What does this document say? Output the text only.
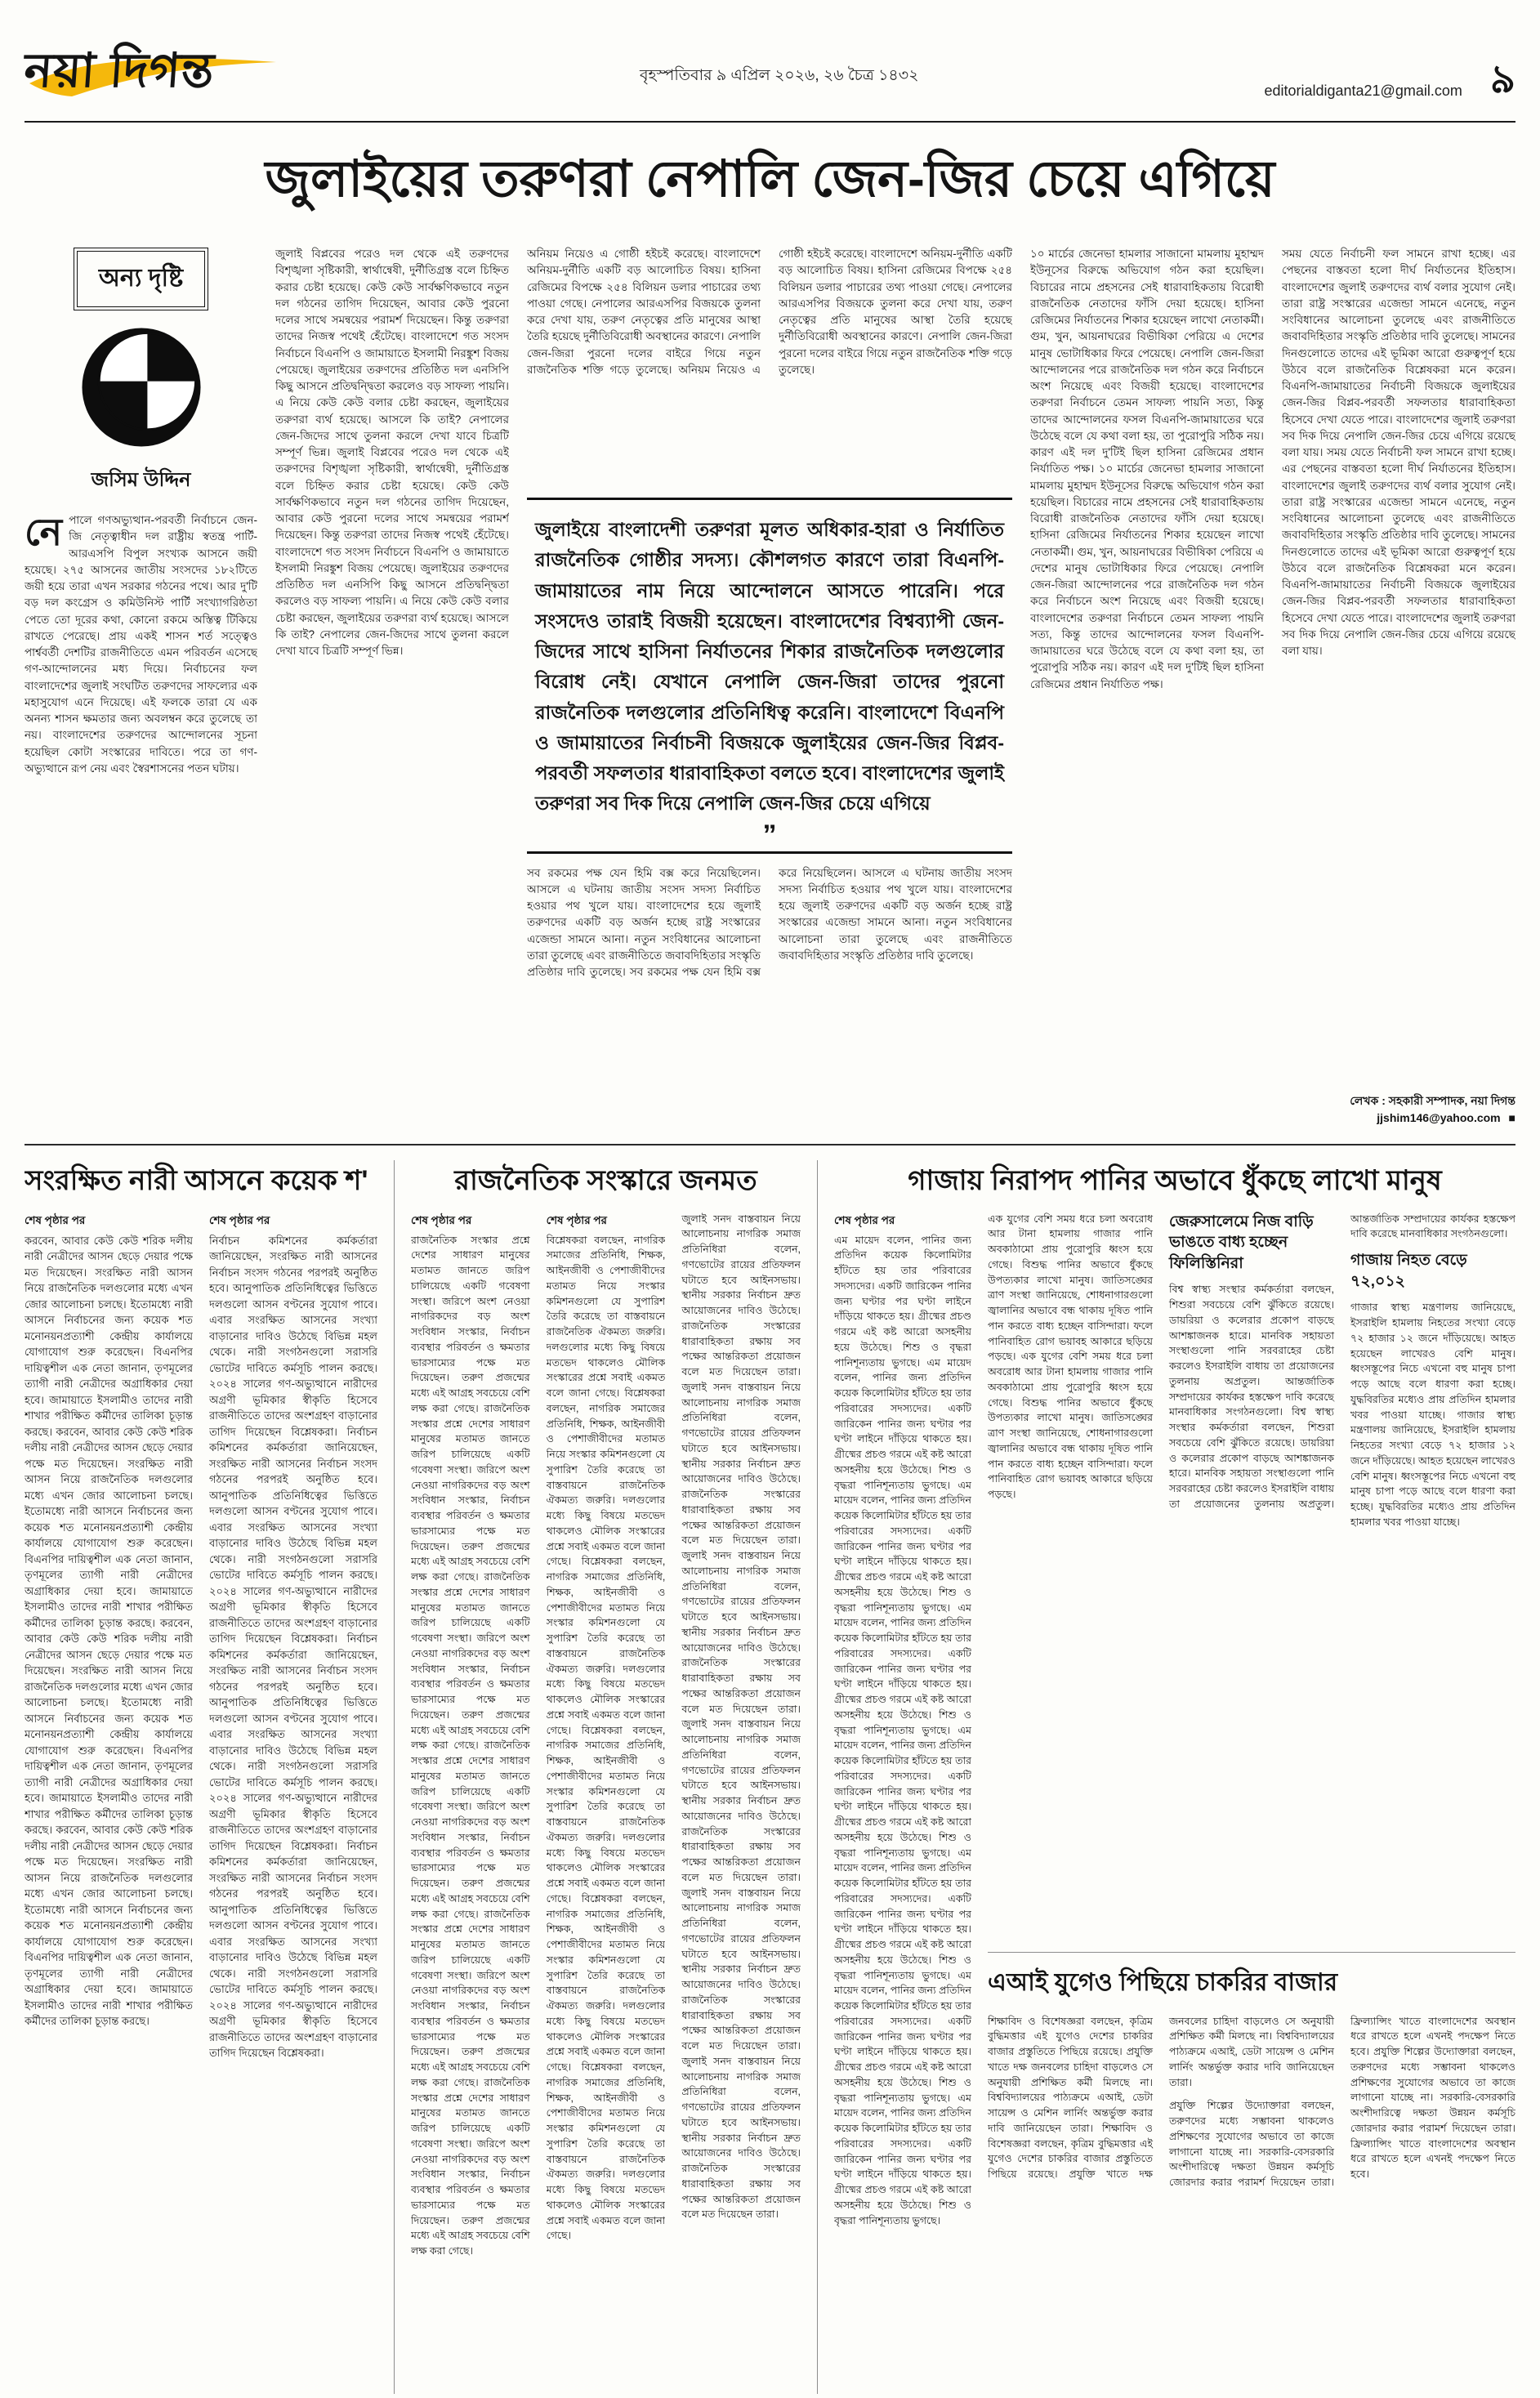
নয়া দিগন্ত	বৃহস্পতিবার ৯ এপ্রিল ২০২৬, ২৬ চৈত্র ১৪৩২
editorialdiganta21@gmail.com ৯
জুলাইয়ের তরুণরা নেপালি জেন-জির চেয়ে এগিয়ে
অন্য দৃষ্টি
জসিম উদ্দিন
নেপালে গণঅভ্যুত্থান-পরবর্তী নির্বাচনে জেন-জি নেতৃত্বাধীন দল রাষ্ট্রীয় স্বতন্ত্র পার্টি-আরএসপি বিপুল সংখ্যক আসনে জয়ী হয়েছে। ২৭৫ আসনের জাতীয় সংসদের ১৮২টিতে জয়ী হয়ে তারা এখন সরকার গঠনের পথে। আর দু'টি বড় দল কংগ্রেস ও কমিউনিস্ট পার্টি সংখ্যাগরিষ্ঠতা পেতে তো দূরের কথা, কোনো রকমে অস্তিত্ব টিকিয়ে রাখতে পেরেছে। প্রায় একই শাসন শর্ত সত্ত্বেও পার্শ্ববর্তী দেশটির রাজনীতিতে এমন পরিবর্তন এসেছে গণ-আন্দোলনের মধ্য দিয়ে। নির্বাচনের ফল বাংলাদেশের জুলাই সংঘটিত তরুণদের সাফল্যের এক মহাসুযোগ এনে দিয়েছে। এই ফলকে তারা যে এক অনন্য শাসন ক্ষমতার জন্য অবলম্বন করে তুলেছে তা নয়। বাংলাদেশের তরুণদের আন্দোলনের সূচনা হয়েছিল কোটা সংস্কারের দাবিতে। পরে তা গণ-অভ্যুত্থানে রূপ নেয় এবং স্বৈরশাসনের পতন ঘটায়।
জুলাই বিপ্লবের পরেও দল থেকে এই তরুণদের বিশৃঙ্খলা সৃষ্টিকারী, স্বার্থান্বেষী, দুর্নীতিগ্রস্ত বলে চিহ্নিত করার চেষ্টা হয়েছে। কেউ কেউ সার্বক্ষণিকভাবে নতুন দল গঠনের তাগিদ দিয়েছেন, আবার কেউ পুরনো দলের সাথে সমন্বয়ের পরামর্শ দিয়েছেন। কিন্তু তরুণরা তাদের নিজস্ব পথেই হেঁটেছে। বাংলাদেশে গত সংসদ নির্বাচনে বিএনপি ও জামায়াতে ইসলামী নিরঙ্কুশ বিজয় পেয়েছে। জুলাইয়ের তরুণদের প্রতিষ্ঠিত দল এনসিপি কিছু আসনে প্রতিদ্বন্দ্বিতা করলেও বড় সাফল্য পায়নি। এ নিয়ে কেউ কেউ বলার চেষ্টা করছেন, জুলাইয়ের তরুণরা ব্যর্থ হয়েছে। আসলে কি তাই? নেপালের জেন-জিদের সাথে তুলনা করলে দেখা যাবে চিত্রটি সম্পূর্ণ ভিন্ন। জুলাই বিপ্লবের পরেও দল থেকে এই তরুণদের বিশৃঙ্খলা সৃষ্টিকারী, স্বার্থান্বেষী, দুর্নীতিগ্রস্ত বলে চিহ্নিত করার চেষ্টা হয়েছে। কেউ কেউ সার্বক্ষণিকভাবে নতুন দল গঠনের তাগিদ দিয়েছেন, আবার কেউ পুরনো দলের সাথে সমন্বয়ের পরামর্শ দিয়েছেন। কিন্তু তরুণরা তাদের নিজস্ব পথেই হেঁটেছে। বাংলাদেশে গত সংসদ নির্বাচনে বিএনপি ও জামায়াতে ইসলামী নিরঙ্কুশ বিজয় পেয়েছে। জুলাইয়ের তরুণদের প্রতিষ্ঠিত দল এনসিপি কিছু আসনে প্রতিদ্বন্দ্বিতা করলেও বড় সাফল্য পায়নি। এ নিয়ে কেউ কেউ বলার চেষ্টা করছেন, জুলাইয়ের তরুণরা ব্যর্থ হয়েছে। আসলে কি তাই? নেপালের জেন-জিদের সাথে তুলনা করলে দেখা যাবে চিত্রটি সম্পূর্ণ ভিন্ন।
অনিয়ম নিয়েও এ গোষ্ঠী হইচই করেছে। বাংলাদেশে অনিয়ম-দুর্নীতি একটি বড় আলোচিত বিষয়। হাসিনা রেজিমের বিপক্ষে ২৫৪ বিলিয়ন ডলার পাচারের তথ্য পাওয়া গেছে। নেপালের আরএসপির বিজয়কে তুলনা করে দেখা যায়, তরুণ নেতৃত্বের প্রতি মানুষের আস্থা তৈরি হয়েছে দুর্নীতিবিরোধী অবস্থানের কারণে। নেপালি জেন-জিরা পুরনো দলের বাইরে গিয়ে নতুন রাজনৈতিক শক্তি গড়ে তুলেছে। অনিয়ম নিয়েও এ গোষ্ঠী হইচই করেছে। বাংলাদেশে অনিয়ম-দুর্নীতি একটি বড় আলোচিত বিষয়। হাসিনা রেজিমের বিপক্ষে ২৫৪ বিলিয়ন ডলার পাচারের তথ্য পাওয়া গেছে। নেপালের আরএসপির বিজয়কে তুলনা করে দেখা যায়, তরুণ নেতৃত্বের প্রতি মানুষের আস্থা তৈরি হয়েছে দুর্নীতিবিরোধী অবস্থানের কারণে। নেপালি জেন-জিরা পুরনো দলের বাইরে গিয়ে নতুন রাজনৈতিক শক্তি গড়ে তুলেছে।
জুলাইয়ে বাংলাদেশী তরুণরা মূলত অধিকার-হারা ও নির্যাতিত রাজনৈতিক গোষ্ঠীর সদস্য। কৌশলগত কারণে তারা বিএনপি-জামায়াতের নাম নিয়ে আন্দোলনে আসতে পারেনি। পরে সংসদেও তারাই বিজয়ী হয়েছেন। বাংলাদেশের বিশ্বব্যাপী জেন-জিদের সাথে হাসিনা নির্যাতনের শিকার রাজনৈতিক দলগুলোর বিরোধ নেই। যেখানে নেপালি জেন-জিরা তাদের পুরনো রাজনৈতিক দলগুলোর প্রতিনিধিত্ব করেনি। বাংলাদেশে বিএনপি ও জামায়াতের নির্বাচনী বিজয়কে জুলাইয়ের জেন-জির বিপ্লব-পরবর্তী সফলতার ধারাবাহিকতা বলতে হবে। বাংলাদেশের জুলাই তরুণরা সব দিক দিয়ে নেপালি জেন-জির চেয়ে এগিয়ে
”
সব রকমের পক্ষ যেন হিমি বক্স করে নিয়েছিলেন। আসলে এ ঘটনায় জাতীয় সংসদ সদস্য নির্বাচিত হওয়ার পথ খুলে যায়। বাংলাদেশের হয়ে জুলাই তরুণদের একটি বড় অর্জন হচ্ছে রাষ্ট্র সংস্কারের এজেন্ডা সামনে আনা। নতুন সংবিধানের আলোচনা তারা তুলেছে এবং রাজনীতিতে জবাবদিহিতার সংস্কৃতি প্রতিষ্ঠার দাবি তুলেছে। সব রকমের পক্ষ যেন হিমি বক্স করে নিয়েছিলেন। আসলে এ ঘটনায় জাতীয় সংসদ সদস্য নির্বাচিত হওয়ার পথ খুলে যায়। বাংলাদেশের হয়ে জুলাই তরুণদের একটি বড় অর্জন হচ্ছে রাষ্ট্র সংস্কারের এজেন্ডা সামনে আনা। নতুন সংবিধানের আলোচনা তারা তুলেছে এবং রাজনীতিতে জবাবদিহিতার সংস্কৃতি প্রতিষ্ঠার দাবি তুলেছে।
১০ মার্চের জেনেভা হামলার সাজানো মামলায় মুহাম্মদ ইউনূসের বিরুদ্ধে অভিযোগ গঠন করা হয়েছিল। বিচারের নামে প্রহসনের সেই ধারাবাহিকতায় বিরোধী রাজনৈতিক নেতাদের ফাঁসি দেয়া হয়েছে। হাসিনা রেজিমের নির্যাতনের শিকার হয়েছেন লাখো নেতাকর্মী। গুম, খুন, আয়নাঘরের বিভীষিকা পেরিয়ে এ দেশের মানুষ ভোটাধিকার ফিরে পেয়েছে। নেপালি জেন-জিরা আন্দোলনের পরে রাজনৈতিক দল গঠন করে নির্বাচনে অংশ নিয়েছে এবং বিজয়ী হয়েছে। বাংলাদেশের তরুণরা নির্বাচনে তেমন সাফল্য পায়নি সত্য, কিন্তু তাদের আন্দোলনের ফসল বিএনপি-জামায়াতের ঘরে উঠেছে বলে যে কথা বলা হয়, তা পুরোপুরি সঠিক নয়। কারণ এই দল দু'টিই ছিল হাসিনা রেজিমের প্রধান নির্যাতিত পক্ষ। ১০ মার্চের জেনেভা হামলার সাজানো মামলায় মুহাম্মদ ইউনূসের বিরুদ্ধে অভিযোগ গঠন করা হয়েছিল। বিচারের নামে প্রহসনের সেই ধারাবাহিকতায় বিরোধী রাজনৈতিক নেতাদের ফাঁসি দেয়া হয়েছে। হাসিনা রেজিমের নির্যাতনের শিকার হয়েছেন লাখো নেতাকর্মী। গুম, খুন, আয়নাঘরের বিভীষিকা পেরিয়ে এ দেশের মানুষ ভোটাধিকার ফিরে পেয়েছে। নেপালি জেন-জিরা আন্দোলনের পরে রাজনৈতিক দল গঠন করে নির্বাচনে অংশ নিয়েছে এবং বিজয়ী হয়েছে। বাংলাদেশের তরুণরা নির্বাচনে তেমন সাফল্য পায়নি সত্য, কিন্তু তাদের আন্দোলনের ফসল বিএনপি-জামায়াতের ঘরে উঠেছে বলে যে কথা বলা হয়, তা পুরোপুরি সঠিক নয়। কারণ এই দল দু'টিই ছিল হাসিনা রেজিমের প্রধান নির্যাতিত পক্ষ।
সময় যেতে নির্বাচনী ফল সামনে রাখা হচ্ছে। এর পেছনের বাস্তবতা হলো দীর্ঘ নির্যাতনের ইতিহাস। বাংলাদেশের জুলাই তরুণদের ব্যর্থ বলার সুযোগ নেই। তারা রাষ্ট্র সংস্কারের এজেন্ডা সামনে এনেছে, নতুন সংবিধানের আলোচনা তুলেছে এবং রাজনীতিতে জবাবদিহিতার সংস্কৃতি প্রতিষ্ঠার দাবি তুলেছে। সামনের দিনগুলোতে তাদের এই ভূমিকা আরো গুরুত্বপূর্ণ হয়ে উঠবে বলে রাজনৈতিক বিশ্লেষকরা মনে করেন। বিএনপি-জামায়াতের নির্বাচনী বিজয়কে জুলাইয়ের জেন-জির বিপ্লব-পরবর্তী সফলতার ধারাবাহিকতা হিসেবে দেখা যেতে পারে। বাংলাদেশের জুলাই তরুণরা সব দিক দিয়ে নেপালি জেন-জির চেয়ে এগিয়ে রয়েছে বলা যায়। সময় যেতে নির্বাচনী ফল সামনে রাখা হচ্ছে। এর পেছনের বাস্তবতা হলো দীর্ঘ নির্যাতনের ইতিহাস। বাংলাদেশের জুলাই তরুণদের ব্যর্থ বলার সুযোগ নেই। তারা রাষ্ট্র সংস্কারের এজেন্ডা সামনে এনেছে, নতুন সংবিধানের আলোচনা তুলেছে এবং রাজনীতিতে জবাবদিহিতার সংস্কৃতি প্রতিষ্ঠার দাবি তুলেছে। সামনের দিনগুলোতে তাদের এই ভূমিকা আরো গুরুত্বপূর্ণ হয়ে উঠবে বলে রাজনৈতিক বিশ্লেষকরা মনে করেন। বিএনপি-জামায়াতের নির্বাচনী বিজয়কে জুলাইয়ের জেন-জির বিপ্লব-পরবর্তী সফলতার ধারাবাহিকতা হিসেবে দেখা যেতে পারে। বাংলাদেশের জুলাই তরুণরা সব দিক দিয়ে নেপালি জেন-জির চেয়ে এগিয়ে রয়েছে বলা যায়।
লেখক : সহকারী সম্পাদক, নয়া দিগন্ত jjshim146@yahoo.com ■
সংরক্ষিত নারী আসনে কয়েক শ'
শেষ পৃষ্ঠার পর
করবেন, আবার কেউ কেউ শরিক দলীয় নারী নেত্রীদের আসন ছেড়ে দেয়ার পক্ষে মত দিয়েছেন। সংরক্ষিত নারী আসন নিয়ে রাজনৈতিক দলগুলোর মধ্যে এখন জোর আলোচনা চলছে। ইতোমধ্যে নারী আসনে নির্বাচনের জন্য কয়েক শত মনোনয়নপ্রত্যাশী কেন্দ্রীয় কার্যালয়ে যোগাযোগ শুরু করেছেন। বিএনপির দায়িত্বশীল এক নেতা জানান, তৃণমূলের ত্যাগী নারী নেত্রীদের অগ্রাধিকার দেয়া হবে। জামায়াতে ইসলামীও তাদের নারী শাখার পরীক্ষিত কর্মীদের তালিকা চূড়ান্ত করছে। করবেন, আবার কেউ কেউ শরিক দলীয় নারী নেত্রীদের আসন ছেড়ে দেয়ার পক্ষে মত দিয়েছেন। সংরক্ষিত নারী আসন নিয়ে রাজনৈতিক দলগুলোর মধ্যে এখন জোর আলোচনা চলছে। ইতোমধ্যে নারী আসনে নির্বাচনের জন্য কয়েক শত মনোনয়নপ্রত্যাশী কেন্দ্রীয় কার্যালয়ে যোগাযোগ শুরু করেছেন। বিএনপির দায়িত্বশীল এক নেতা জানান, তৃণমূলের ত্যাগী নারী নেত্রীদের অগ্রাধিকার দেয়া হবে। জামায়াতে ইসলামীও তাদের নারী শাখার পরীক্ষিত কর্মীদের তালিকা চূড়ান্ত করছে। করবেন, আবার কেউ কেউ শরিক দলীয় নারী নেত্রীদের আসন ছেড়ে দেয়ার পক্ষে মত দিয়েছেন। সংরক্ষিত নারী আসন নিয়ে রাজনৈতিক দলগুলোর মধ্যে এখন জোর আলোচনা চলছে। ইতোমধ্যে নারী আসনে নির্বাচনের জন্য কয়েক শত মনোনয়নপ্রত্যাশী কেন্দ্রীয় কার্যালয়ে যোগাযোগ শুরু করেছেন। বিএনপির দায়িত্বশীল এক নেতা জানান, তৃণমূলের ত্যাগী নারী নেত্রীদের অগ্রাধিকার দেয়া হবে। জামায়াতে ইসলামীও তাদের নারী শাখার পরীক্ষিত কর্মীদের তালিকা চূড়ান্ত করছে। করবেন, আবার কেউ কেউ শরিক দলীয় নারী নেত্রীদের আসন ছেড়ে দেয়ার পক্ষে মত দিয়েছেন। সংরক্ষিত নারী আসন নিয়ে রাজনৈতিক দলগুলোর মধ্যে এখন জোর আলোচনা চলছে। ইতোমধ্যে নারী আসনে নির্বাচনের জন্য কয়েক শত মনোনয়নপ্রত্যাশী কেন্দ্রীয় কার্যালয়ে যোগাযোগ শুরু করেছেন। বিএনপির দায়িত্বশীল এক নেতা জানান, তৃণমূলের ত্যাগী নারী নেত্রীদের অগ্রাধিকার দেয়া হবে। জামায়াতে ইসলামীও তাদের নারী শাখার পরীক্ষিত কর্মীদের তালিকা চূড়ান্ত করছে।
শেষ পৃষ্ঠার পর
নির্বাচন কমিশনের কর্মকর্তারা জানিয়েছেন, সংরক্ষিত নারী আসনের নির্বাচন সংসদ গঠনের পরপরই অনুষ্ঠিত হবে। আনুপাতিক প্রতিনিধিত্বের ভিত্তিতে দলগুলো আসন বণ্টনের সুযোগ পাবে। এবার সংরক্ষিত আসনের সংখ্যা বাড়ানোর দাবিও উঠেছে বিভিন্ন মহল থেকে। নারী সংগঠনগুলো সরাসরি ভোটের দাবিতে কর্মসূচি পালন করছে। ২০২৪ সালের গণ-অভ্যুত্থানে নারীদের অগ্রণী ভূমিকার স্বীকৃতি হিসেবে রাজনীতিতে তাদের অংশগ্রহণ বাড়ানোর তাগিদ দিয়েছেন বিশ্লেষকরা। নির্বাচন কমিশনের কর্মকর্তারা জানিয়েছেন, সংরক্ষিত নারী আসনের নির্বাচন সংসদ গঠনের পরপরই অনুষ্ঠিত হবে। আনুপাতিক প্রতিনিধিত্বের ভিত্তিতে দলগুলো আসন বণ্টনের সুযোগ পাবে। এবার সংরক্ষিত আসনের সংখ্যা বাড়ানোর দাবিও উঠেছে বিভিন্ন মহল থেকে। নারী সংগঠনগুলো সরাসরি ভোটের দাবিতে কর্মসূচি পালন করছে। ২০২৪ সালের গণ-অভ্যুত্থানে নারীদের অগ্রণী ভূমিকার স্বীকৃতি হিসেবে রাজনীতিতে তাদের অংশগ্রহণ বাড়ানোর তাগিদ দিয়েছেন বিশ্লেষকরা। নির্বাচন কমিশনের কর্মকর্তারা জানিয়েছেন, সংরক্ষিত নারী আসনের নির্বাচন সংসদ গঠনের পরপরই অনুষ্ঠিত হবে। আনুপাতিক প্রতিনিধিত্বের ভিত্তিতে দলগুলো আসন বণ্টনের সুযোগ পাবে। এবার সংরক্ষিত আসনের সংখ্যা বাড়ানোর দাবিও উঠেছে বিভিন্ন মহল থেকে। নারী সংগঠনগুলো সরাসরি ভোটের দাবিতে কর্মসূচি পালন করছে। ২০২৪ সালের গণ-অভ্যুত্থানে নারীদের অগ্রণী ভূমিকার স্বীকৃতি হিসেবে রাজনীতিতে তাদের অংশগ্রহণ বাড়ানোর তাগিদ দিয়েছেন বিশ্লেষকরা। নির্বাচন কমিশনের কর্মকর্তারা জানিয়েছেন, সংরক্ষিত নারী আসনের নির্বাচন সংসদ গঠনের পরপরই অনুষ্ঠিত হবে। আনুপাতিক প্রতিনিধিত্বের ভিত্তিতে দলগুলো আসন বণ্টনের সুযোগ পাবে। এবার সংরক্ষিত আসনের সংখ্যা বাড়ানোর দাবিও উঠেছে বিভিন্ন মহল থেকে। নারী সংগঠনগুলো সরাসরি ভোটের দাবিতে কর্মসূচি পালন করছে। ২০২৪ সালের গণ-অভ্যুত্থানে নারীদের অগ্রণী ভূমিকার স্বীকৃতি হিসেবে রাজনীতিতে তাদের অংশগ্রহণ বাড়ানোর তাগিদ দিয়েছেন বিশ্লেষকরা।
রাজনৈতিক সংস্কারে জনমত
শেষ পৃষ্ঠার পর
রাজনৈতিক সংস্কার প্রশ্নে দেশের সাধারণ মানুষের মতামত জানতে জরিপ চালিয়েছে একটি গবেষণা সংস্থা। জরিপে অংশ নেওয়া নাগরিকদের বড় অংশ সংবিধান সংস্কার, নির্বাচন ব্যবস্থার পরিবর্তন ও ক্ষমতার ভারসাম্যের পক্ষে মত দিয়েছেন। তরুণ প্রজন্মের মধ্যে এই আগ্রহ সবচেয়ে বেশি লক্ষ করা গেছে। রাজনৈতিক সংস্কার প্রশ্নে দেশের সাধারণ মানুষের মতামত জানতে জরিপ চালিয়েছে একটি গবেষণা সংস্থা। জরিপে অংশ নেওয়া নাগরিকদের বড় অংশ সংবিধান সংস্কার, নির্বাচন ব্যবস্থার পরিবর্তন ও ক্ষমতার ভারসাম্যের পক্ষে মত দিয়েছেন। তরুণ প্রজন্মের মধ্যে এই আগ্রহ সবচেয়ে বেশি লক্ষ করা গেছে। রাজনৈতিক সংস্কার প্রশ্নে দেশের সাধারণ মানুষের মতামত জানতে জরিপ চালিয়েছে একটি গবেষণা সংস্থা। জরিপে অংশ নেওয়া নাগরিকদের বড় অংশ সংবিধান সংস্কার, নির্বাচন ব্যবস্থার পরিবর্তন ও ক্ষমতার ভারসাম্যের পক্ষে মত দিয়েছেন। তরুণ প্রজন্মের মধ্যে এই আগ্রহ সবচেয়ে বেশি লক্ষ করা গেছে। রাজনৈতিক সংস্কার প্রশ্নে দেশের সাধারণ মানুষের মতামত জানতে জরিপ চালিয়েছে একটি গবেষণা সংস্থা। জরিপে অংশ নেওয়া নাগরিকদের বড় অংশ সংবিধান সংস্কার, নির্বাচন ব্যবস্থার পরিবর্তন ও ক্ষমতার ভারসাম্যের পক্ষে মত দিয়েছেন। তরুণ প্রজন্মের মধ্যে এই আগ্রহ সবচেয়ে বেশি লক্ষ করা গেছে। রাজনৈতিক সংস্কার প্রশ্নে দেশের সাধারণ মানুষের মতামত জানতে জরিপ চালিয়েছে একটি গবেষণা সংস্থা। জরিপে অংশ নেওয়া নাগরিকদের বড় অংশ সংবিধান সংস্কার, নির্বাচন ব্যবস্থার পরিবর্তন ও ক্ষমতার ভারসাম্যের পক্ষে মত দিয়েছেন। তরুণ প্রজন্মের মধ্যে এই আগ্রহ সবচেয়ে বেশি লক্ষ করা গেছে। রাজনৈতিক সংস্কার প্রশ্নে দেশের সাধারণ মানুষের মতামত জানতে জরিপ চালিয়েছে একটি গবেষণা সংস্থা। জরিপে অংশ নেওয়া নাগরিকদের বড় অংশ সংবিধান সংস্কার, নির্বাচন ব্যবস্থার পরিবর্তন ও ক্ষমতার ভারসাম্যের পক্ষে মত দিয়েছেন। তরুণ প্রজন্মের মধ্যে এই আগ্রহ সবচেয়ে বেশি লক্ষ করা গেছে।
শেষ পৃষ্ঠার পর
বিশ্লেষকরা বলছেন, নাগরিক সমাজের প্রতিনিধি, শিক্ষক, আইনজীবী ও পেশাজীবীদের মতামত নিয়ে সংস্কার কমিশনগুলো যে সুপারিশ তৈরি করেছে তা বাস্তবায়নে রাজনৈতিক ঐকমত্য জরুরি। দলগুলোর মধ্যে কিছু বিষয়ে মতভেদ থাকলেও মৌলিক সংস্কারের প্রশ্নে সবাই একমত বলে জানা গেছে। বিশ্লেষকরা বলছেন, নাগরিক সমাজের প্রতিনিধি, শিক্ষক, আইনজীবী ও পেশাজীবীদের মতামত নিয়ে সংস্কার কমিশনগুলো যে সুপারিশ তৈরি করেছে তা বাস্তবায়নে রাজনৈতিক ঐকমত্য জরুরি। দলগুলোর মধ্যে কিছু বিষয়ে মতভেদ থাকলেও মৌলিক সংস্কারের প্রশ্নে সবাই একমত বলে জানা গেছে। বিশ্লেষকরা বলছেন, নাগরিক সমাজের প্রতিনিধি, শিক্ষক, আইনজীবী ও পেশাজীবীদের মতামত নিয়ে সংস্কার কমিশনগুলো যে সুপারিশ তৈরি করেছে তা বাস্তবায়নে রাজনৈতিক ঐকমত্য জরুরি। দলগুলোর মধ্যে কিছু বিষয়ে মতভেদ থাকলেও মৌলিক সংস্কারের প্রশ্নে সবাই একমত বলে জানা গেছে। বিশ্লেষকরা বলছেন, নাগরিক সমাজের প্রতিনিধি, শিক্ষক, আইনজীবী ও পেশাজীবীদের মতামত নিয়ে সংস্কার কমিশনগুলো যে সুপারিশ তৈরি করেছে তা বাস্তবায়নে রাজনৈতিক ঐকমত্য জরুরি। দলগুলোর মধ্যে কিছু বিষয়ে মতভেদ থাকলেও মৌলিক সংস্কারের প্রশ্নে সবাই একমত বলে জানা গেছে। বিশ্লেষকরা বলছেন, নাগরিক সমাজের প্রতিনিধি, শিক্ষক, আইনজীবী ও পেশাজীবীদের মতামত নিয়ে সংস্কার কমিশনগুলো যে সুপারিশ তৈরি করেছে তা বাস্তবায়নে রাজনৈতিক ঐকমত্য জরুরি। দলগুলোর মধ্যে কিছু বিষয়ে মতভেদ থাকলেও মৌলিক সংস্কারের প্রশ্নে সবাই একমত বলে জানা গেছে। বিশ্লেষকরা বলছেন, নাগরিক সমাজের প্রতিনিধি, শিক্ষক, আইনজীবী ও পেশাজীবীদের মতামত নিয়ে সংস্কার কমিশনগুলো যে সুপারিশ তৈরি করেছে তা বাস্তবায়নে রাজনৈতিক ঐকমত্য জরুরি। দলগুলোর মধ্যে কিছু বিষয়ে মতভেদ থাকলেও মৌলিক সংস্কারের প্রশ্নে সবাই একমত বলে জানা গেছে।
জুলাই সনদ বাস্তবায়ন নিয়ে আলোচনায় নাগরিক সমাজ প্রতিনিধিরা বলেন, গণভোটের রায়ের প্রতিফলন ঘটাতে হবে আইনসভায়। স্থানীয় সরকার নির্বাচন দ্রুত আয়োজনের দাবিও উঠেছে। রাজনৈতিক সংস্কারের ধারাবাহিকতা রক্ষায় সব পক্ষের আন্তরিকতা প্রয়োজন বলে মত দিয়েছেন তারা। জুলাই সনদ বাস্তবায়ন নিয়ে আলোচনায় নাগরিক সমাজ প্রতিনিধিরা বলেন, গণভোটের রায়ের প্রতিফলন ঘটাতে হবে আইনসভায়। স্থানীয় সরকার নির্বাচন দ্রুত আয়োজনের দাবিও উঠেছে। রাজনৈতিক সংস্কারের ধারাবাহিকতা রক্ষায় সব পক্ষের আন্তরিকতা প্রয়োজন বলে মত দিয়েছেন তারা। জুলাই সনদ বাস্তবায়ন নিয়ে আলোচনায় নাগরিক সমাজ প্রতিনিধিরা বলেন, গণভোটের রায়ের প্রতিফলন ঘটাতে হবে আইনসভায়। স্থানীয় সরকার নির্বাচন দ্রুত আয়োজনের দাবিও উঠেছে। রাজনৈতিক সংস্কারের ধারাবাহিকতা রক্ষায় সব পক্ষের আন্তরিকতা প্রয়োজন বলে মত দিয়েছেন তারা। জুলাই সনদ বাস্তবায়ন নিয়ে আলোচনায় নাগরিক সমাজ প্রতিনিধিরা বলেন, গণভোটের রায়ের প্রতিফলন ঘটাতে হবে আইনসভায়। স্থানীয় সরকার নির্বাচন দ্রুত আয়োজনের দাবিও উঠেছে। রাজনৈতিক সংস্কারের ধারাবাহিকতা রক্ষায় সব পক্ষের আন্তরিকতা প্রয়োজন বলে মত দিয়েছেন তারা। জুলাই সনদ বাস্তবায়ন নিয়ে আলোচনায় নাগরিক সমাজ প্রতিনিধিরা বলেন, গণভোটের রায়ের প্রতিফলন ঘটাতে হবে আইনসভায়। স্থানীয় সরকার নির্বাচন দ্রুত আয়োজনের দাবিও উঠেছে। রাজনৈতিক সংস্কারের ধারাবাহিকতা রক্ষায় সব পক্ষের আন্তরিকতা প্রয়োজন বলে মত দিয়েছেন তারা। জুলাই সনদ বাস্তবায়ন নিয়ে আলোচনায় নাগরিক সমাজ প্রতিনিধিরা বলেন, গণভোটের রায়ের প্রতিফলন ঘটাতে হবে আইনসভায়। স্থানীয় সরকার নির্বাচন দ্রুত আয়োজনের দাবিও উঠেছে। রাজনৈতিক সংস্কারের ধারাবাহিকতা রক্ষায় সব পক্ষের আন্তরিকতা প্রয়োজন বলে মত দিয়েছেন তারা।
গাজায় নিরাপদ পানির অভাবে ধুঁকছে লাখো মানুষ
শেষ পৃষ্ঠার পর
এম মায়েদ বলেন, পানির জন্য প্রতিদিন কয়েক কিলোমিটার হাঁটতে হয় তার পরিবারের সদস্যদের। একটি জারিকেন পানির জন্য ঘণ্টার পর ঘণ্টা লাইনে দাঁড়িয়ে থাকতে হয়। গ্রীষ্মের প্রচণ্ড গরমে এই কষ্ট আরো অসহনীয় হয়ে উঠেছে। শিশু ও বৃদ্ধরা পানিশূন্যতায় ভুগছে। এম মায়েদ বলেন, পানির জন্য প্রতিদিন কয়েক কিলোমিটার হাঁটতে হয় তার পরিবারের সদস্যদের। একটি জারিকেন পানির জন্য ঘণ্টার পর ঘণ্টা লাইনে দাঁড়িয়ে থাকতে হয়। গ্রীষ্মের প্রচণ্ড গরমে এই কষ্ট আরো অসহনীয় হয়ে উঠেছে। শিশু ও বৃদ্ধরা পানিশূন্যতায় ভুগছে। এম মায়েদ বলেন, পানির জন্য প্রতিদিন কয়েক কিলোমিটার হাঁটতে হয় তার পরিবারের সদস্যদের। একটি জারিকেন পানির জন্য ঘণ্টার পর ঘণ্টা লাইনে দাঁড়িয়ে থাকতে হয়। গ্রীষ্মের প্রচণ্ড গরমে এই কষ্ট আরো অসহনীয় হয়ে উঠেছে। শিশু ও বৃদ্ধরা পানিশূন্যতায় ভুগছে। এম মায়েদ বলেন, পানির জন্য প্রতিদিন কয়েক কিলোমিটার হাঁটতে হয় তার পরিবারের সদস্যদের। একটি জারিকেন পানির জন্য ঘণ্টার পর ঘণ্টা লাইনে দাঁড়িয়ে থাকতে হয়। গ্রীষ্মের প্রচণ্ড গরমে এই কষ্ট আরো অসহনীয় হয়ে উঠেছে। শিশু ও বৃদ্ধরা পানিশূন্যতায় ভুগছে। এম মায়েদ বলেন, পানির জন্য প্রতিদিন কয়েক কিলোমিটার হাঁটতে হয় তার পরিবারের সদস্যদের। একটি জারিকেন পানির জন্য ঘণ্টার পর ঘণ্টা লাইনে দাঁড়িয়ে থাকতে হয়। গ্রীষ্মের প্রচণ্ড গরমে এই কষ্ট আরো অসহনীয় হয়ে উঠেছে। শিশু ও বৃদ্ধরা পানিশূন্যতায় ভুগছে। এম মায়েদ বলেন, পানির জন্য প্রতিদিন কয়েক কিলোমিটার হাঁটতে হয় তার পরিবারের সদস্যদের। একটি জারিকেন পানির জন্য ঘণ্টার পর ঘণ্টা লাইনে দাঁড়িয়ে থাকতে হয়। গ্রীষ্মের প্রচণ্ড গরমে এই কষ্ট আরো অসহনীয় হয়ে উঠেছে। শিশু ও বৃদ্ধরা পানিশূন্যতায় ভুগছে। এম মায়েদ বলেন, পানির জন্য প্রতিদিন কয়েক কিলোমিটার হাঁটতে হয় তার পরিবারের সদস্যদের। একটি জারিকেন পানির জন্য ঘণ্টার পর ঘণ্টা লাইনে দাঁড়িয়ে থাকতে হয়। গ্রীষ্মের প্রচণ্ড গরমে এই কষ্ট আরো অসহনীয় হয়ে উঠেছে। শিশু ও বৃদ্ধরা পানিশূন্যতায় ভুগছে। এম মায়েদ বলেন, পানির জন্য প্রতিদিন কয়েক কিলোমিটার হাঁটতে হয় তার পরিবারের সদস্যদের। একটি জারিকেন পানির জন্য ঘণ্টার পর ঘণ্টা লাইনে দাঁড়িয়ে থাকতে হয়। গ্রীষ্মের প্রচণ্ড গরমে এই কষ্ট আরো অসহনীয় হয়ে উঠেছে। শিশু ও বৃদ্ধরা পানিশূন্যতায় ভুগছে।

এক যুগের বেশি সময় ধরে চলা অবরোধ আর টানা হামলায় গাজার পানি অবকাঠামো প্রায় পুরোপুরি ধ্বংস হয়ে গেছে। বিশুদ্ধ পানির অভাবে ধুঁকছে উপত্যকার লাখো মানুষ। জাতিসঙ্ঘের ত্রাণ সংস্থা জানিয়েছে, শোধনাগারগুলো জ্বালানির অভাবে বন্ধ থাকায় দূষিত পানি পান করতে বাধ্য হচ্ছেন বাসিন্দারা। ফলে পানিবাহিত রোগ ভয়াবহ আকারে ছড়িয়ে পড়ছে। এক যুগের বেশি সময় ধরে চলা অবরোধ আর টানা হামলায় গাজার পানি অবকাঠামো প্রায় পুরোপুরি ধ্বংস হয়ে গেছে। বিশুদ্ধ পানির অভাবে ধুঁকছে উপত্যকার লাখো মানুষ। জাতিসঙ্ঘের ত্রাণ সংস্থা জানিয়েছে, শোধনাগারগুলো জ্বালানির অভাবে বন্ধ থাকায় দূষিত পানি পান করতে বাধ্য হচ্ছেন বাসিন্দারা। ফলে পানিবাহিত রোগ ভয়াবহ আকারে ছড়িয়ে পড়ছে।

জেরুসালেমে নিজ বাড়ি ভাঙতে বাধ্য হচ্ছেন ফিলিস্তিনিরা

বিশ্ব স্বাস্থ্য সংস্থার কর্মকর্তারা বলছেন, শিশুরা সবচেয়ে বেশি ঝুঁকিতে রয়েছে। ডায়রিয়া ও কলেরার প্রকোপ বাড়ছে আশঙ্কাজনক হারে। মানবিক সহায়তা সংস্থাগুলো পানি সরবরাহের চেষ্টা করলেও ইসরাইলি বাধায় তা প্রয়োজনের তুলনায় অপ্রতুল। আন্তর্জাতিক সম্প্রদায়ের কার্যকর হস্তক্ষেপ দাবি করেছে মানবাধিকার সংগঠনগুলো। বিশ্ব স্বাস্থ্য সংস্থার কর্মকর্তারা বলছেন, শিশুরা সবচেয়ে বেশি ঝুঁকিতে রয়েছে। ডায়রিয়া ও কলেরার প্রকোপ বাড়ছে আশঙ্কাজনক হারে। মানবিক সহায়তা সংস্থাগুলো পানি সরবরাহের চেষ্টা করলেও ইসরাইলি বাধায় তা প্রয়োজনের তুলনায় অপ্রতুল। আন্তর্জাতিক সম্প্রদায়ের কার্যকর হস্তক্ষেপ দাবি করেছে মানবাধিকার সংগঠনগুলো।

গাজায় নিহত বেড়ে ৭২,০১২

গাজার স্বাস্থ্য মন্ত্রণালয় জানিয়েছে, ইসরাইলি হামলায় নিহতের সংখ্যা বেড়ে ৭২ হাজার ১২ জনে দাঁড়িয়েছে। আহত হয়েছেন লাখেরও বেশি মানুষ। ধ্বংসস্তূপের নিচে এখনো বহু মানুষ চাপা পড়ে আছে বলে ধারণা করা হচ্ছে। যুদ্ধবিরতির মধ্যেও প্রায় প্রতিদিন হামলার খবর পাওয়া যাচ্ছে। গাজার স্বাস্থ্য মন্ত্রণালয় জানিয়েছে, ইসরাইলি হামলায় নিহতের সংখ্যা বেড়ে ৭২ হাজার ১২ জনে দাঁড়িয়েছে। আহত হয়েছেন লাখেরও বেশি মানুষ। ধ্বংসস্তূপের নিচে এখনো বহু মানুষ চাপা পড়ে আছে বলে ধারণা করা হচ্ছে। যুদ্ধবিরতির মধ্যেও প্রায় প্রতিদিন হামলার খবর পাওয়া যাচ্ছে।

এআই যুগেও পিছিয়ে চাকরির বাজার

শিক্ষাবিদ ও বিশেষজ্ঞরা বলছেন, কৃত্রিম বুদ্ধিমত্তার এই যুগেও দেশের চাকরির বাজার প্রস্তুতিতে পিছিয়ে রয়েছে। প্রযুক্তি খাতে দক্ষ জনবলের চাহিদা বাড়লেও সে অনুযায়ী প্রশিক্ষিত কর্মী মিলছে না। বিশ্ববিদ্যালয়ের পাঠ্যক্রমে এআই, ডেটা সায়েন্স ও মেশিন লার্নিং অন্তর্ভুক্ত করার দাবি জানিয়েছেন তারা। শিক্ষাবিদ ও বিশেষজ্ঞরা বলছেন, কৃত্রিম বুদ্ধিমত্তার এই যুগেও দেশের চাকরির বাজার প্রস্তুতিতে পিছিয়ে রয়েছে। প্রযুক্তি খাতে দক্ষ জনবলের চাহিদা বাড়লেও সে অনুযায়ী প্রশিক্ষিত কর্মী মিলছে না। বিশ্ববিদ্যালয়ের পাঠ্যক্রমে এআই, ডেটা সায়েন্স ও মেশিন লার্নিং অন্তর্ভুক্ত করার দাবি জানিয়েছেন তারা।

প্রযুক্তি শিল্পের উদ্যোক্তারা বলছেন, তরুণদের মধ্যে সম্ভাবনা থাকলেও প্রশিক্ষণের সুযোগের অভাবে তা কাজে লাগানো যাচ্ছে না। সরকারি-বেসরকারি অংশীদারিত্বে দক্ষতা উন্নয়ন কর্মসূচি জোরদার করার পরামর্শ দিয়েছেন তারা। ফ্রিল্যান্সিং খাতে বাংলাদেশের অবস্থান ধরে রাখতে হলে এখনই পদক্ষেপ নিতে হবে। প্রযুক্তি শিল্পের উদ্যোক্তারা বলছেন, তরুণদের মধ্যে সম্ভাবনা থাকলেও প্রশিক্ষণের সুযোগের অভাবে তা কাজে লাগানো যাচ্ছে না। সরকারি-বেসরকারি অংশীদারিত্বে দক্ষতা উন্নয়ন কর্মসূচি জোরদার করার পরামর্শ দিয়েছেন তারা। ফ্রিল্যান্সিং খাতে বাংলাদেশের অবস্থান ধরে রাখতে হলে এখনই পদক্ষেপ নিতে হবে।
